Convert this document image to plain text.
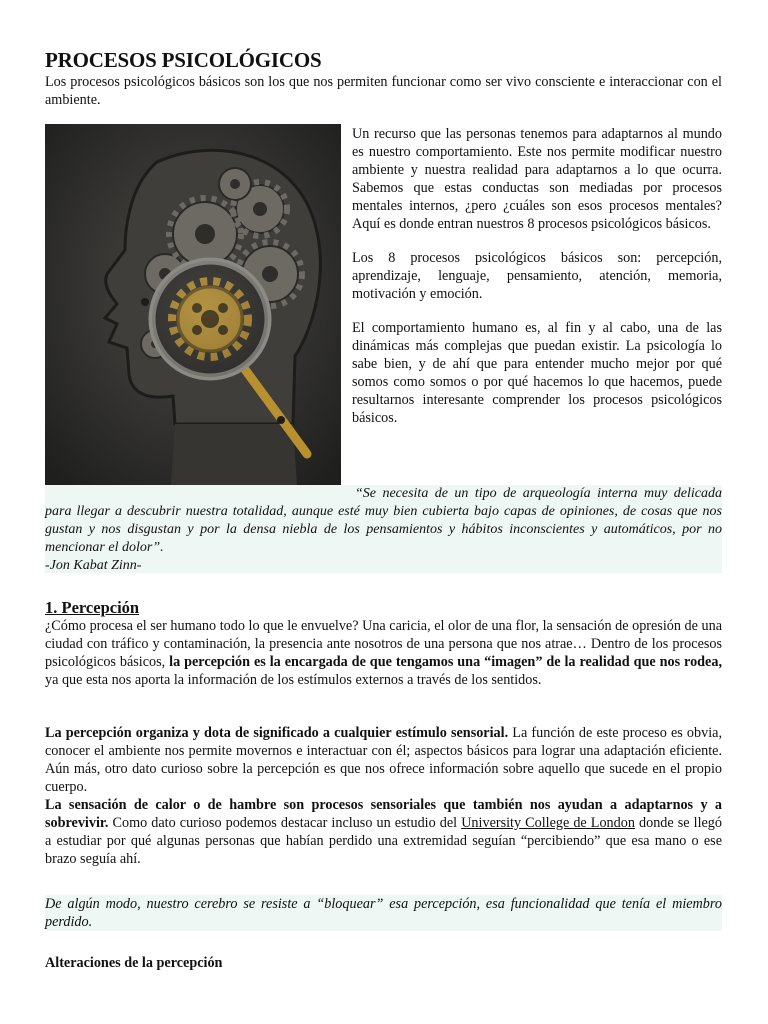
PROCESOS PSICOLÓGICOS

Los procesos psicológicos básicos son los que nos permiten funcionar como ser vivo consciente e interaccionar con el ambiente.

Un recurso que las personas tenemos para adaptarnos al mundo es nuestro comportamiento. Este nos permite modificar nuestro ambiente y nuestra realidad para adaptarnos a lo que ocurra. Sabemos que estas conductas son mediadas por procesos mentales internos, ¿pero ¿cuáles son esos procesos mentales? Aquí es donde entran nuestros 8 procesos psicológicos básicos.

Los 8 procesos psicológicos básicos son: percepción, aprendizaje, lenguaje, pensamiento, atención, memoria, motivación y emoción.

El comportamiento humano es, al fin y al cabo, una de las dinámicas más complejas que puedan existir. La psicología lo sabe bien, y de ahí que para entender mucho mejor por qué somos como somos o por qué hacemos lo que hacemos, puede resultarnos interesante comprender los procesos psicológicos básicos.

“Se necesita de un tipo de arqueología interna muy delicada para llegar a descubrir nuestra totalidad, aunque esté muy bien cubierta bajo capas de opiniones, de cosas que nos gustan y nos disgustan y por la densa niebla de los pensamientos y hábitos inconscientes y automáticos, por no mencionar el dolor”.

-Jon Kabat Zinn-

1. Percepción

¿Cómo procesa el ser humano todo lo que le envuelve? Una caricia, el olor de una flor, la sensación de opresión de una ciudad con tráfico y contaminación, la presencia ante nosotros de una persona que nos atrae… Dentro de los procesos psicológicos básicos, la percepción es la encargada de que tengamos una “imagen” de la realidad que nos rodea, ya que esta nos aporta la información de los estímulos externos a través de los sentidos.

La percepción organiza y dota de significado a cualquier estímulo sensorial. La función de este proceso es obvia, conocer el ambiente nos permite movernos e interactuar con él; aspectos básicos para lograr una adaptación eficiente. Aún más, otro dato curioso sobre la percepción es que nos ofrece información sobre aquello que sucede en el propio cuerpo.

La sensación de calor o de hambre son procesos sensoriales que también nos ayudan a adaptarnos y a sobrevivir. Como dato curioso podemos destacar incluso un estudio del University College de London donde se llegó a estudiar por qué algunas personas que habían perdido una extremidad seguían “percibiendo” que esa mano o ese brazo seguía ahí.

De algún modo, nuestro cerebro se resiste a “bloquear” esa percepción, esa funcionalidad que tenía el miembro perdido.

Alteraciones de la percepción
